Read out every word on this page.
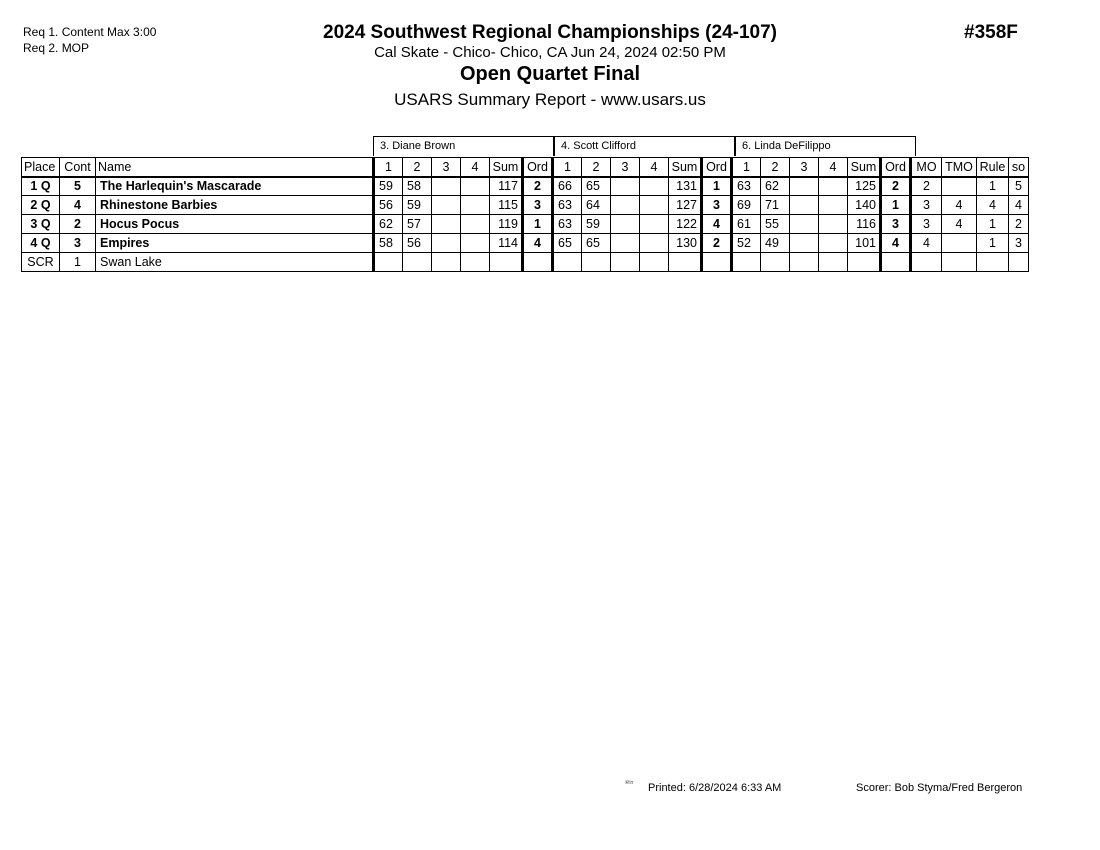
Req 1. Content Max 3:00
Req 2. MOP
2024 Southwest Regional Championships (24-107)
Cal Skate - Chico- Chico, CA Jun 24, 2024 02:50 PM
Open Quartet Final
USARS Summary Report - www.usars.us
#358F
3. Diane Brown	4. Scott Clifford	6. Linda DeFilippo
Place	Cont	Name	1	2	3	4	Sum	Ord	1	2	3	4	Sum	Ord	1	2	3	4	Sum	Ord	MO	TMO	Rule	so
1 Q	5	The Harlequin's Mascarade	59	58			117	2	66	65			131	1	63	62			125	2	2		1	5
2 Q	4	Rhinestone Barbies	56	59			115	3	63	64			127	3	69	71			140	1	3	4	4	4
3 Q	2	Hocus Pocus	62	57			119	1	63	59			122	4	61	55			116	3	3	4	1	2
4 Q	3	Empires	58	56			114	4	65	65			130	2	52	49			101	4	4		1	3
SCR	1	Swan Lake																						
³²¹⁵ Printed: 6/28/2024 6:33 AM	Scorer: Bob Styma/Fred Bergeron
